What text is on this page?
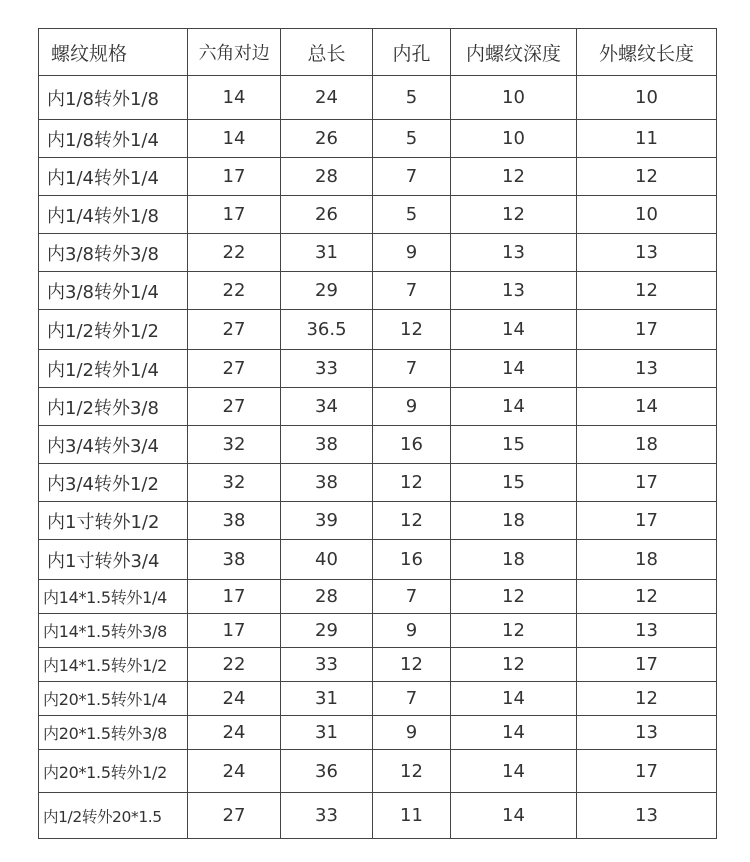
螺纹规格	六角对边	总长	内孔	内螺纹深度	外螺纹长度
内1/8转外1/8	14	24	5	10	10
内1/8转外1/4	14	26	5	10	11
内1/4转外1/4	17	28	7	12	12
内1/4转外1/8	17	26	5	12	10
内3/8转外3/8	22	31	9	13	13
内3/8转外1/4	22	29	7	13	12
内1/2转外1/2	27	36.5	12	14	17
内1/2转外1/4	27	33	7	14	13
内1/2转外3/8	27	34	9	14	14
内3/4转外3/4	32	38	16	15	18
内3/4转外1/2	32	38	12	15	17
内1寸转外1/2	38	39	12	18	17
内1寸转外3/4	38	40	16	18	18
内14*1.5转外1/4	17	28	7	12	12
内14*1.5转外3/8	17	29	9	12	13
内14*1.5转外1/2	22	33	12	12	17
内20*1.5转外1/4	24	31	7	14	12
内20*1.5转外3/8	24	31	9	14	13
内20*1.5转外1/2	24	36	12	14	17
内1/2转外20*1.5	27	33	11	14	13
